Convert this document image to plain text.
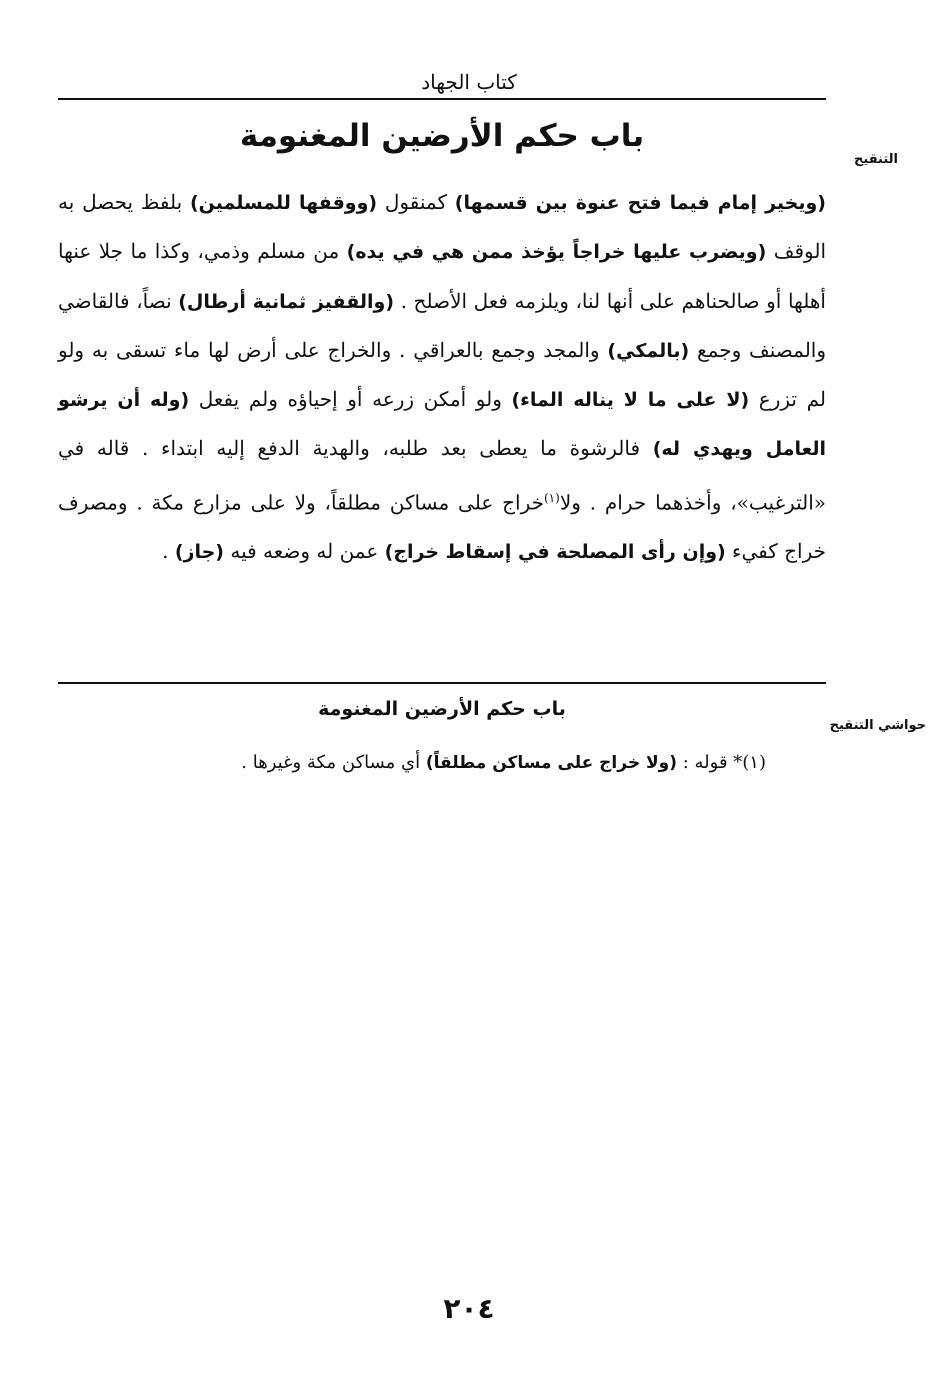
كتاب الجهاد
التنقيح
باب حكم الأرضين المغنومة

(ويخير إمام فيما فتح عنوة بين قسمها) كمنقول (ووقفها للمسلمين) بلفظ يحصل به الوقف (ويضرب عليها خراجاً يؤخذ ممن هي في يده) من مسلم وذمي، وكذا ما جلا عنها أهلها أو صالحناهم على أنها لنا، ويلزمه فعل الأصلح . (والقفيز ثمانية أرطال) نصاً، فالقاضي والمصنف وجمع (بالمكي) والمجد وجمع بالعراقي . والخراج على أرض لها ماء تسقى به ولو لم تزرع (لا على ما لا يناله الماء) ولو أمكن زرعه أو إحياؤه ولم يفعل (وله أن يرشو العامل ويهدي له) فالرشوة ما يعطى بعد طلبه، والهدية الدفع إليه ابتداء . قاله في «الترغيب»، وأخذهما حرام . ولا$^{(١)}$خراج على مساكن مطلقاً، ولا على مزارع مكة . ومصرف خراج كفيء (وإن رأى المصلحة في إسقاط خراج) عمن له وضعه فيه (جاز) .

حواشي التنقيح
باب حكم الأرضين المغنومة
(١)* قوله : (ولا خراج على مساكن مطلقاً) أي مساكن مكة وغيرها .
٢٠٤
